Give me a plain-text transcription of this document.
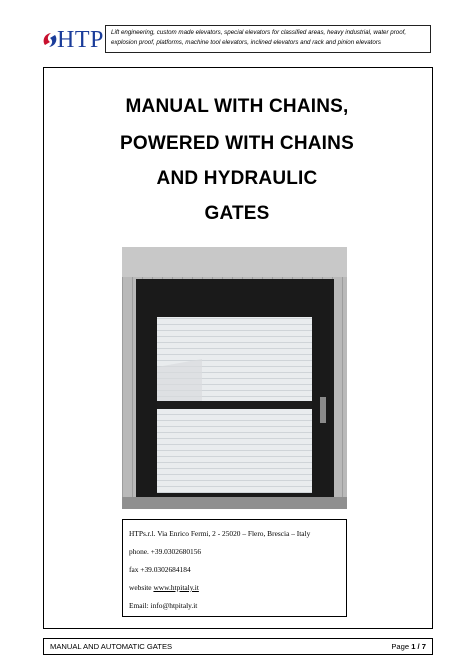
HTP	Lift engineering, custom made elevators, special elevators for classified areas, heavy industrial, water proof, explosion proof, platforms, machine tool elevators, inclined elevators and rack and pinion elevators
MANUAL WITH CHAINS,
POWERED WITH CHAINS
AND HYDRAULIC
GATES
HTPs.r.l. Via Enrico Fermi, 2 - 25020 – Flero, Brescia – Italy
phone. +39.0302680156
fax +39.0302684184
website www.htpitaly.it
Email: info@htpitaly.it
MANUAL AND AUTOMATIC GATES	Page 1 / 7
